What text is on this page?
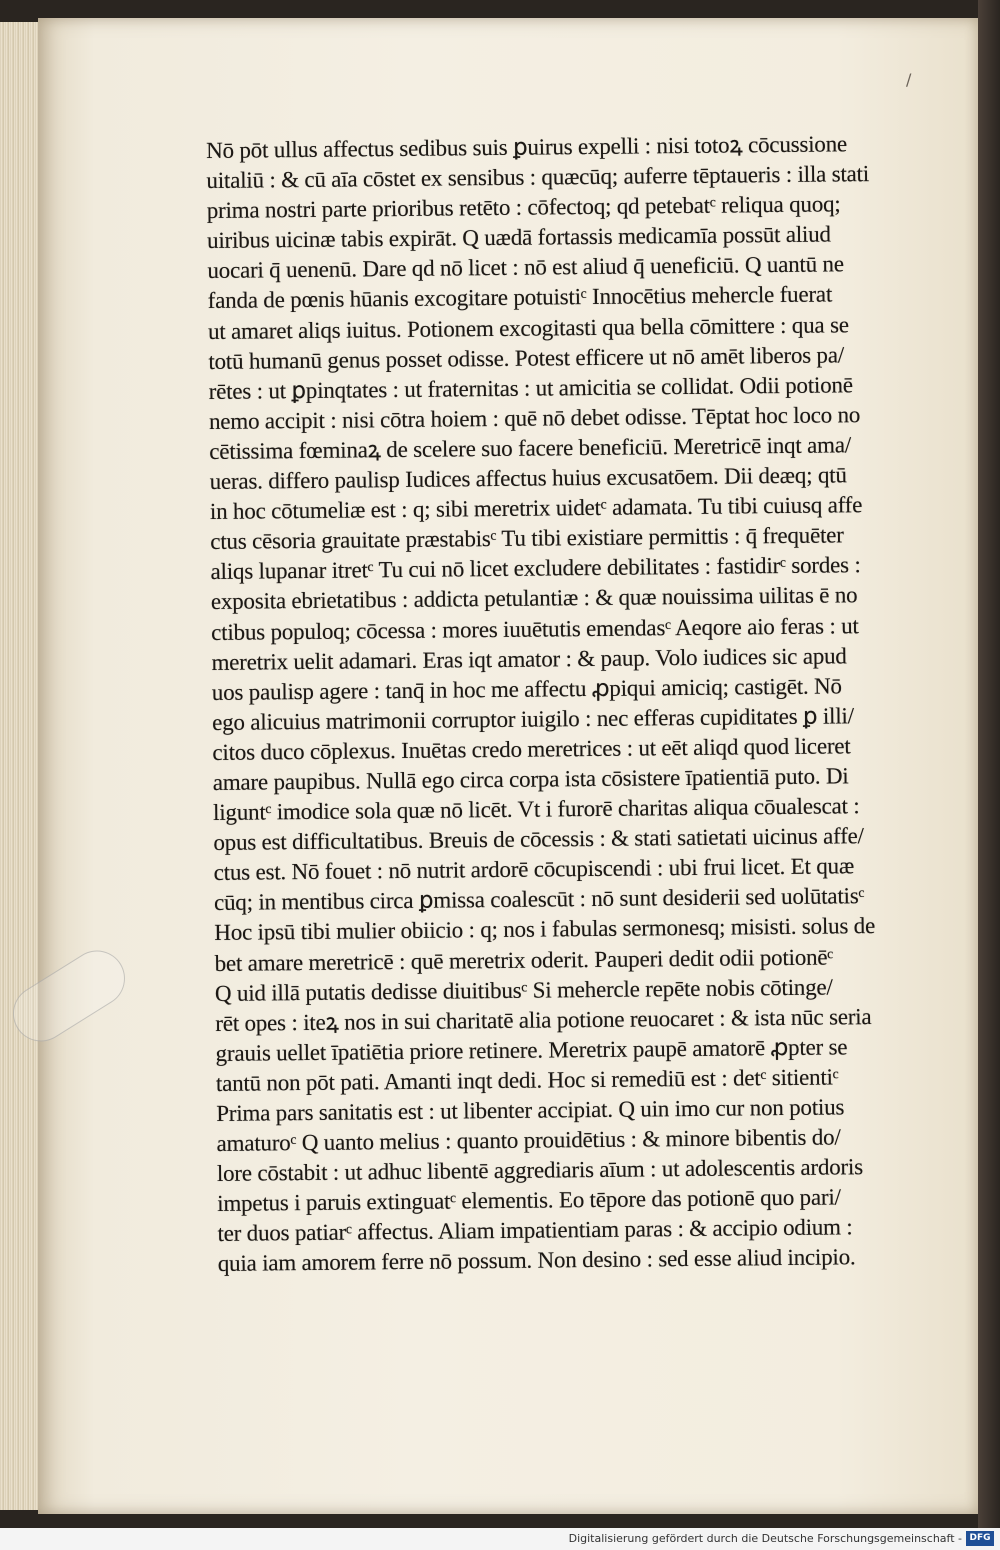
/
Nō pōt ullus affectus sedibus suis ꝑuirus expelli : nisi totoꝝ cōcussione
uitaliū : & cū aīa cōstet ex sensibus : quæcūq; auferre tēptaueris : illa stati
prima nostri parte prioribus retēto : cōfectoq; qd petebatᶜ reliqua quoq;
uiribus uicinæ tabis expirāt. Q uædā fortassis medicamīa possūt aliud
uocari q̄ uenenū. Dare qd nō licet : nō est aliud q̄ ueneficiū. Q uantū ne
fanda de pœnis hūanis excogitare potuistiᶜ Innocētius mehercle fuerat
ut amaret aliqs iuitus. Potionem excogitasti qua bella cōmittere : qua se
totū humanū genus posset odisse. Potest efficere ut nō amēt liberos pa/
rētes : ut ꝑpinqtates : ut fraternitas : ut amicitia se collidat. Odii potionē
nemo accipit : nisi cōtra hoiem : quē nō debet odisse. Tēptat hoc loco no
cētissima fœminaꝝ de scelere suo facere beneficiū. Meretricē inqt ama/
ueras. differo paulisp Iudices affectus huius excusatōem. Dii deæq; qtū
in hoc cōtumeliæ est : q; sibi meretrix uidetᶜ adamata. Tu tibi cuiusq affe
ctus cēsoria grauitate præstabisᶜ Tu tibi existiare permittis : q̄ frequēter
aliqs lupanar itretᶜ Tu cui nō licet excludere debilitates : fastidirᶜ sordes :
exposita ebrietatibus : addicta petulantiæ : & quæ nouissima uilitas ē no
ctibus populoq; cōcessa : mores iuuētutis emendasᶜ Aeqore aio feras : ut
meretrix uelit adamari. Eras iqt amator : & paup. Volo iudices sic apud
uos paulisp agere : tanq̄ in hoc me affectu ꝓpiqui amiciq; castigēt. Nō
ego alicuius matrimonii corruptor iuigilo : nec efferas cupiditates ꝑ illi/
citos duco cōplexus. Inuētas credo meretrices : ut eēt aliqd quod liceret
amare paupibus. Nullā ego circa corpa ista cōsistere īpatientiā puto. Di
liguntᶜ imodice sola quæ nō licēt. Vt i furorē charitas aliqua cōualescat :
opus est difficultatibus. Breuis de cōcessis : & stati satietati uicinus affe/
ctus est. Nō fouet : nō nutrit ardorē cōcupiscendi : ubi frui licet. Et quæ
cūq; in mentibus circa ꝑmissa coalescūt : nō sunt desiderii sed uolūtatisᶜ
Hoc ipsū tibi mulier obiicio : q; nos i fabulas sermonesq; misisti. solus de
bet amare meretricē : quē meretrix oderit. Pauperi dedit odii potionēᶜ
Q uid illā putatis dedisse diuitibusᶜ Si mehercle repēte nobis cōtinge/
rēt opes : iteꝝ nos in sui charitatē alia potione reuocaret : & ista nūc seria
grauis uellet īpatiētia priore retinere. Meretrix paupē amatorē ꝓpter se
tantū non pōt pati. Amanti inqt dedi. Hoc si remediū est : detᶜ sitientiᶜ
Prima pars sanitatis est : ut libenter accipiat. Q uin imo cur non potius
amaturoᶜ Q uanto melius : quanto prouidētius : & minore bibentis do/
lore cōstabit : ut adhuc libentē aggrediaris aīum : ut adolescentis ardoris
impetus i paruis extinguatᶜ elementis. Eo tēpore das potionē quo pari/
ter duos patiarᶜ affectus. Aliam impatientiam paras : & accipio odium :
quia iam amorem ferre nō possum. Non desino : sed esse aliud incipio.
Digitalisierung gefördert durch die Deutsche Forschungsgemeinschaft - DFG
